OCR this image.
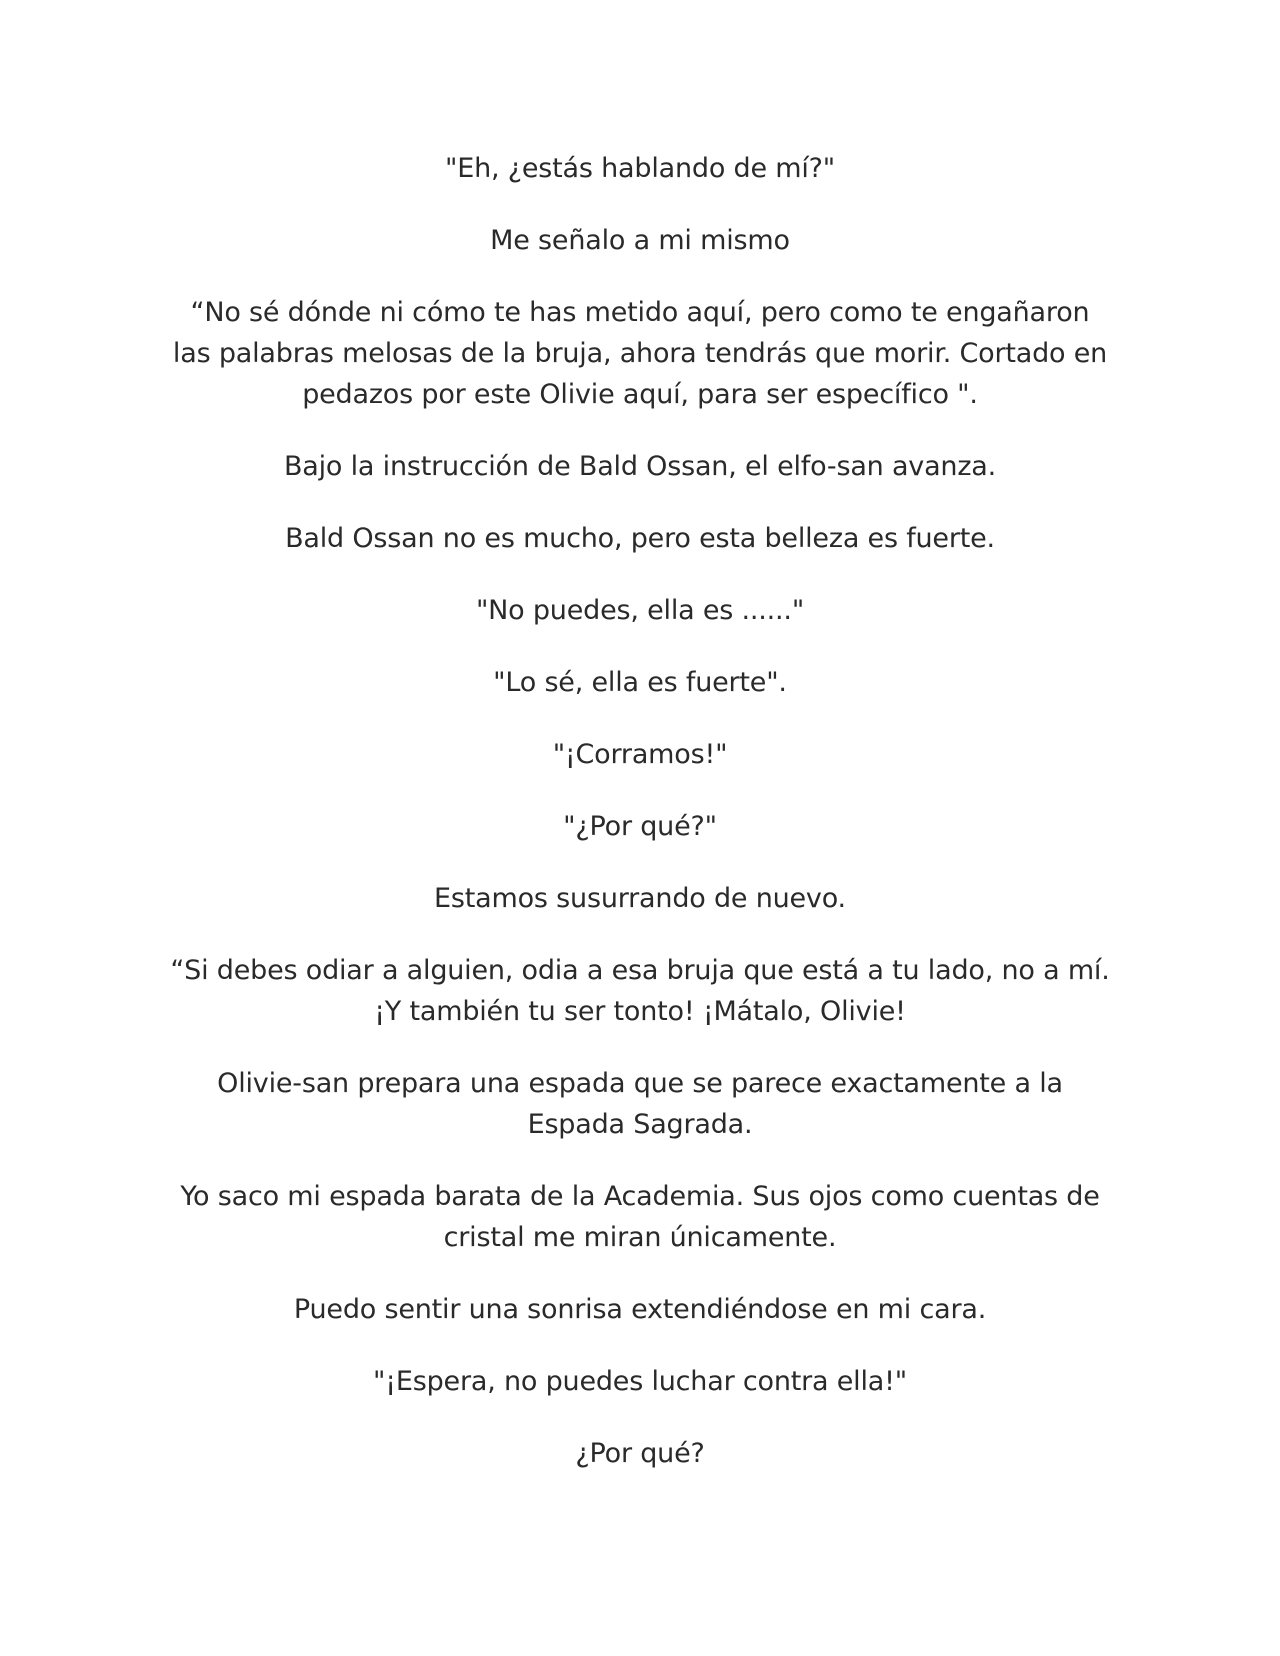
"Eh, ¿estás hablando de mí?"

Me señalo a mi mismo

“No sé dónde ni cómo te has metido aquí, pero como te engañaron las palabras melosas de la bruja, ahora tendrás que morir. Cortado en pedazos por este Olivie aquí, para ser específico ".

Bajo la instrucción de Bald Ossan, el elfo-san avanza.

Bald Ossan no es mucho, pero esta belleza es fuerte.

"No puedes, ella es ......"

"Lo sé, ella es fuerte".

"¡Corramos!"

"¿Por qué?"

Estamos susurrando de nuevo.

“Si debes odiar a alguien, odia a esa bruja que está a tu lado, no a mí. ¡Y también tu ser tonto! ¡Mátalo, Olivie!

Olivie-san prepara una espada que se parece exactamente a la Espada Sagrada.

Yo saco mi espada barata de la Academia. Sus ojos como cuentas de cristal me miran únicamente.

Puedo sentir una sonrisa extendiéndose en mi cara.

"¡Espera, no puedes luchar contra ella!"

¿Por qué?
